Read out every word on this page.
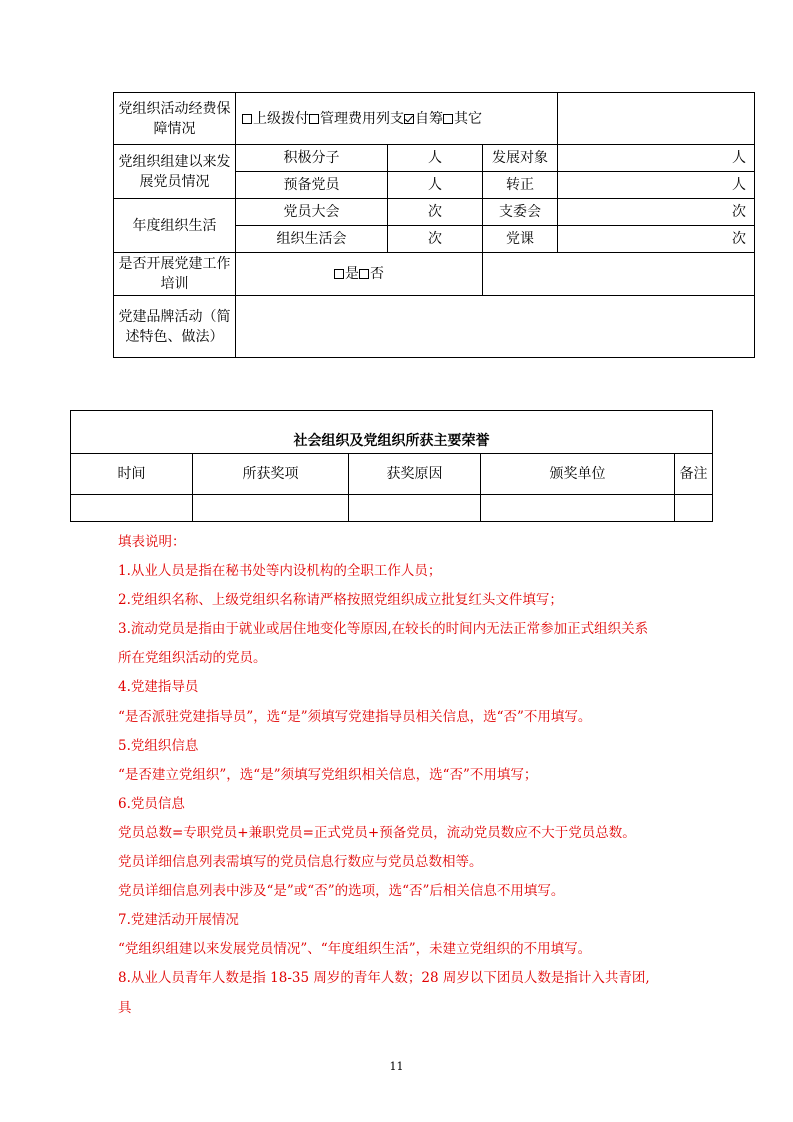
党组织活动经费保障情况	上级拨付 管理费用列支 自筹 其它			
党组织组建以来发展党员情况	积极分子	人	发展对象	人
	预备党员	人	转正	人
年度组织生活	党员大会	次	支委会	次
	组织生活会	次	党课	次
是否开展党建工作培训	是 否			
党建品牌活动（简述特色、做法）				
社会组织及党组织所获主要荣誉				
时间	所获奖项	获奖原因	颁奖单位	备注

填表说明：
1.从业人员是指在秘书处等内设机构的全职工作人员；
2.党组织名称、上级党组织名称请严格按照党组织成立批复红头文件填写；
3.流动党员是指由于就业或居住地变化等原因,在较长的时间内无法正常参加正式组织关系
所在党组织活动的党员。
4.党建指导员
“是否派驻党建指导员”，选“是”须填写党建指导员相关信息，选“否”不用填写。
5.党组织信息
“是否建立党组织”，选“是”须填写党组织相关信息，选“否”不用填写；
6.党员信息
党员总数=专职党员+兼职党员=正式党员+预备党员，流动党员数应不大于党员总数。
党员详细信息列表需填写的党员信息行数应与党员总数相等。
党员详细信息列表中涉及“是”或“否”的选项，选“否”后相关信息不用填写。
7.党建活动开展情况
“党组织组建以来发展党员情况”、“年度组织生活”，未建立党组织的不用填写。
8.从业人员青年人数是指 18-35 周岁的青年人数；28 周岁以下团员人数是指计入共青团,
具
11
